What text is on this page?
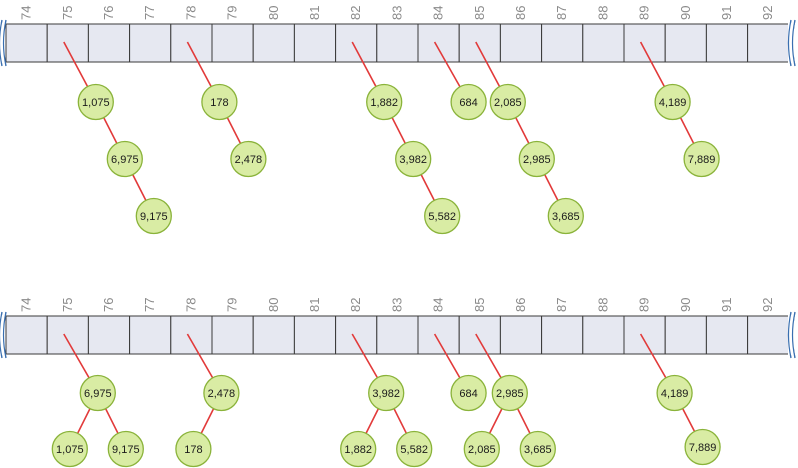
74 75 76 77 78 79 80 81 82 83 84 85 86 87 88 89 90 91 92
1,075
6,975
9,175
178
2,478
1,882
3,982
5,582
684 2,085
2,985
3,685
4,189
7,889
74 75 76 77 78 79 80 81 82 83 84 85 86 87 88 89 90 91 92
6,975
1,075	9,175
2,478
178
3,982
1,882	5,582
684 2,985
2,085	3,685
4,189
7,889
